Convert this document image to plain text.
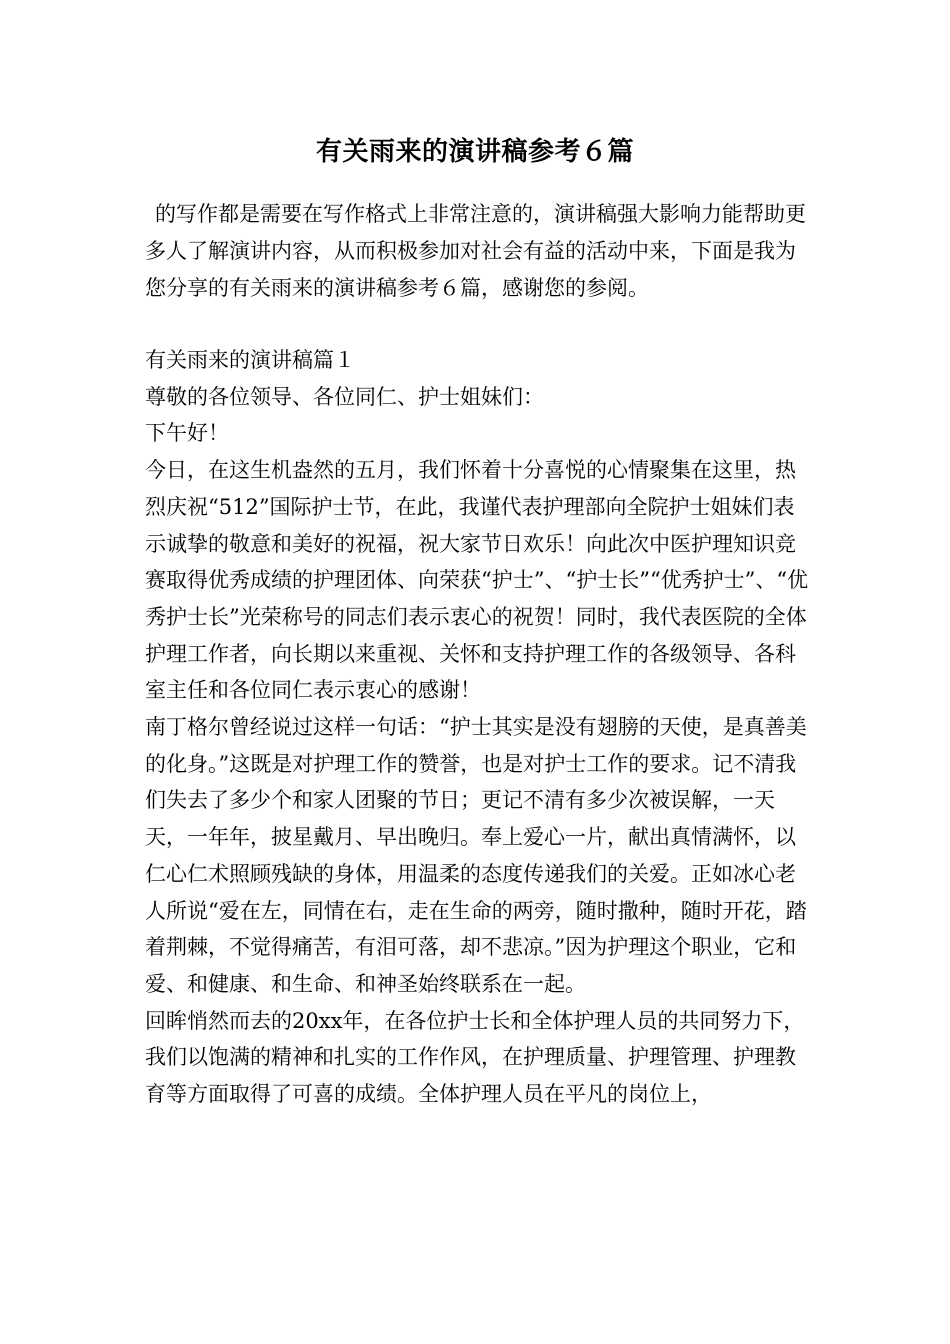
有关雨来的演讲稿参考６篇
的写作都是需要在写作格式上非常注意的，演讲稿强大影响力能帮助更多人了解演讲内容，从而积极参加对社会有益的活动中来，下面是我为您分享的有关雨来的演讲稿参考６篇，感谢您的参阅。

有关雨来的演讲稿篇１

尊敬的各位领导、各位同仁、护士姐妹们：

下午好！

今日，在这生机盎然的五月，我们怀着十分喜悦的心情聚集在这里，热烈庆祝“512”国际护士节，在此，我谨代表护理部向全院护士姐妹们表示诚挚的敬意和美好的祝福，祝大家节日欢乐！向此次中医护理知识竞赛取得优秀成绩的护理团体、向荣获“护士”、“护士长”“优秀护士”、“优秀护士长”光荣称号的同志们表示衷心的祝贺！同时，我代表医院的全体护理工作者，向长期以来重视、关怀和支持护理工作的各级领导、各科室主任和各位同仁表示衷心的感谢！

南丁格尔曾经说过这样一句话：“护士其实是没有翅膀的天使，是真善美的化身。”这既是对护理工作的赞誉，也是对护士工作的要求。记不清我们失去了多少个和家人团聚的节日；更记不清有多少次被误解，一天天，一年年，披星戴月、早出晚归。奉上爱心一片，献出真情满怀，以仁心仁术照顾残缺的身体，用温柔的态度传递我们的关爱。正如冰心老人所说“爱在左，同情在右，走在生命的两旁，随时撒种，随时开花，踏着荆棘，不觉得痛苦，有泪可落，却不悲凉。”因为护理这个职业，它和爱、和健康、和生命、和神圣始终联系在一起。

回眸悄然而去的20xx年，在各位护士长和全体护理人员的共同努力下，我们以饱满的精神和扎实的工作作风，在护理质量、护理管理、护理教育等方面取得了可喜的成绩。全体护理人员在平凡的岗位上，
